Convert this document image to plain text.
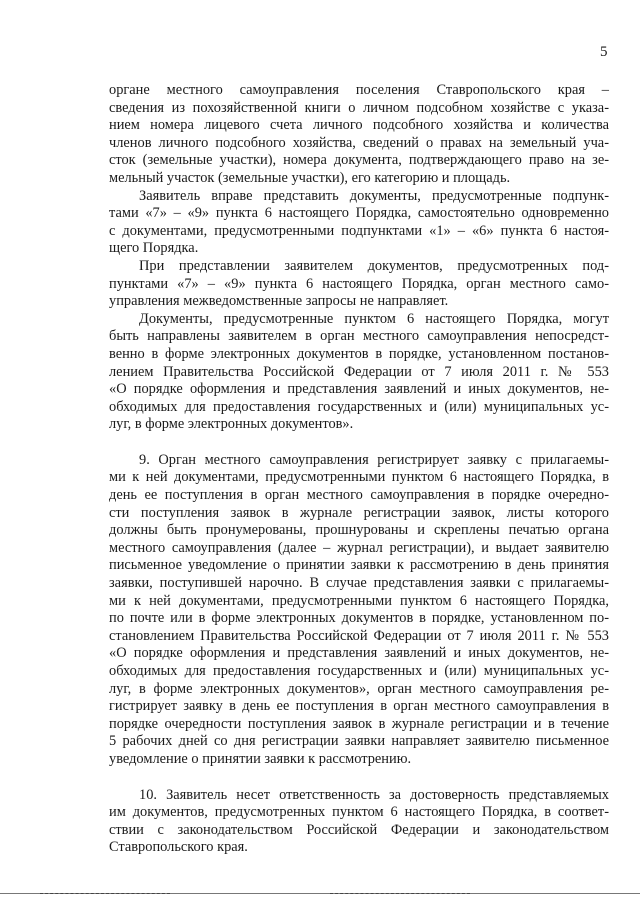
5
органе местного самоуправления поселения Ставропольского края –
сведения из похозяйственной книги о личном подсобном хозяйстве с указа-
нием номера лицевого счета личного подсобного хозяйства и количества
членов личного подсобного хозяйства, сведений о правах на земельный уча-
сток (земельные участки), номера документа, подтверждающего право на зе-
мельный участок (земельные участки), его категорию и площадь.
Заявитель вправе представить документы, предусмотренные подпунк-
тами «7» – «9» пункта 6 настоящего Порядка, самостоятельно одновременно
с документами, предусмотренными подпунктами «1» – «6» пункта 6 настоя-
щего Порядка.
При представлении заявителем документов, предусмотренных под-
пунктами «7» – «9» пункта 6 настоящего Порядка, орган местного само-
управления межведомственные запросы не направляет.
Документы, предусмотренные пунктом 6 настоящего Порядка, могут
быть направлены заявителем в орган местного самоуправления непосредст-
венно в форме электронных документов в порядке, установленном постанов-
лением Правительства Российской Федерации от 7 июля 2011 г. № 553
«О порядке оформления и представления заявлений и иных документов, не-
обходимых для предоставления государственных и (или) муниципальных ус-
луг, в форме электронных документов».
9. Орган местного самоуправления регистрирует заявку с прилагаемы-
ми к ней документами, предусмотренными пунктом 6 настоящего Порядка, в
день ее поступления в орган местного самоуправления в порядке очередно-
сти поступления заявок в журнале регистрации заявок, листы которого
должны быть пронумерованы, прошнурованы и скреплены печатью органа
местного самоуправления (далее – журнал регистрации), и выдает заявителю
письменное уведомление о принятии заявки к рассмотрению в день принятия
заявки, поступившей нарочно. В случае представления заявки с прилагаемы-
ми к ней документами, предусмотренными пунктом 6 настоящего Порядка,
по почте или в форме электронных документов в порядке, установленном по-
становлением Правительства Российской Федерации от 7 июля 2011 г. № 553
«О порядке оформления и представления заявлений и иных документов, не-
обходимых для предоставления государственных и (или) муниципальных ус-
луг, в форме электронных документов», орган местного самоуправления ре-
гистрирует заявку в день ее поступления в орган местного самоуправления в
порядке очередности поступления заявок в журнале регистрации и в течение
5 рабочих дней со дня регистрации заявки направляет заявителю письменное
уведомление о принятии заявки к рассмотрению.
10. Заявитель несет ответственность за достоверность представляемых
им документов, предусмотренных пунктом 6 настоящего Порядка, в соответ-
ствии с законодательством Российской Федерации и законодательством
Ставропольского края.
